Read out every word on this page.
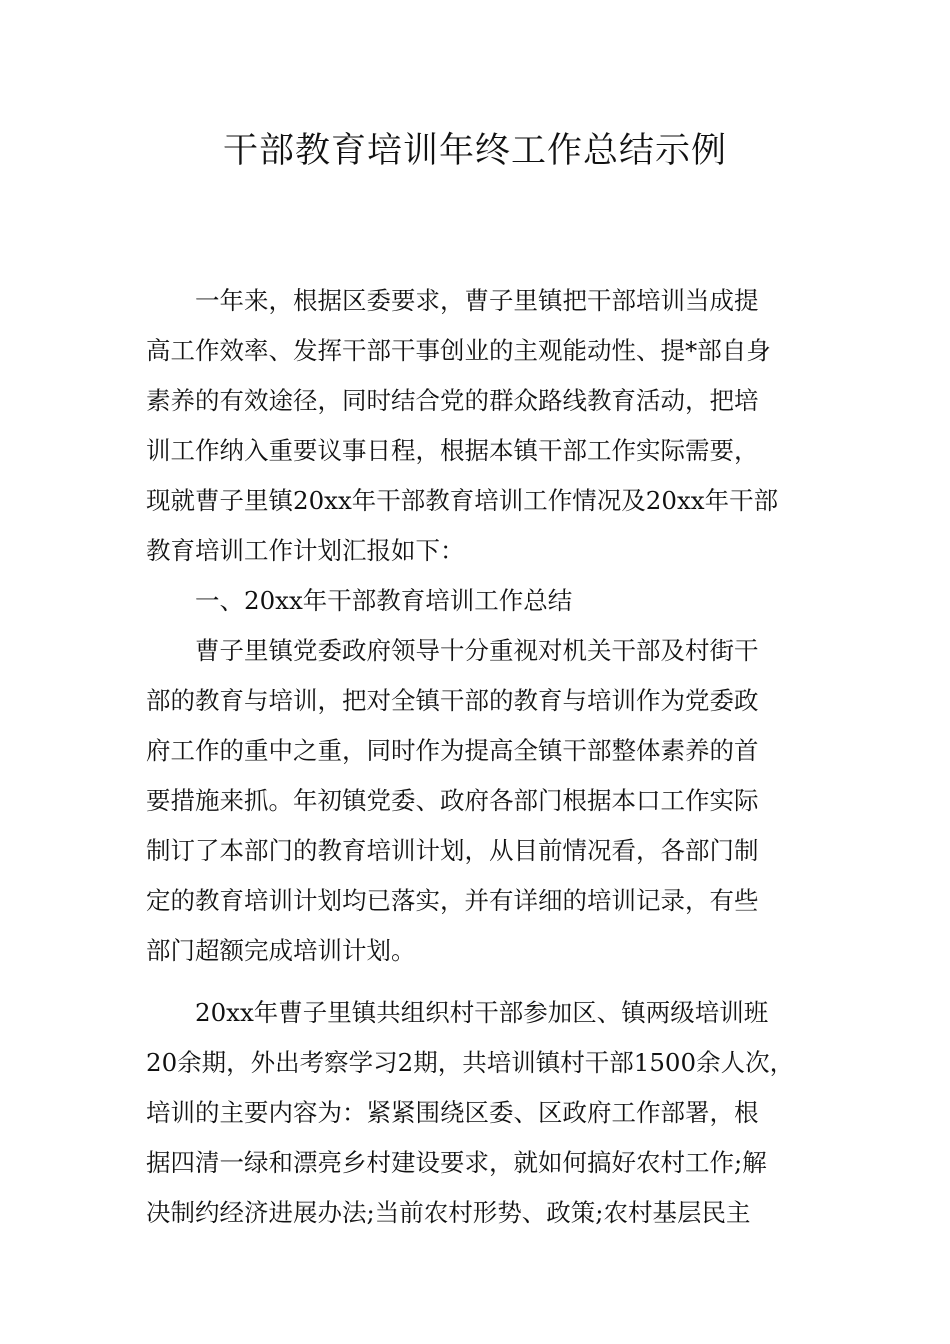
干部教育培训年终工作总结示例

一年来，根据区委要求，曹子里镇把干部培训当成提
高工作效率、发挥干部干事创业的主观能动性、提*部自身
素养的有效途径，同时结合党的群众路线教育活动，把培
训工作纳入重要议事日程，根据本镇干部工作实际需要，
现就曹子里镇20xx年干部教育培训工作情况及20xx年干部
教育培训工作计划汇报如下：

一、20xx年干部教育培训工作总结

曹子里镇党委政府领导十分重视对机关干部及村街干
部的教育与培训，把对全镇干部的教育与培训作为党委政
府工作的重中之重，同时作为提高全镇干部整体素养的首
要措施来抓。年初镇党委、政府各部门根据本口工作实际
制订了本部门的教育培训计划，从目前情况看，各部门制
定的教育培训计划均已落实，并有详细的培训记录，有些
部门超额完成培训计划。

20xx年曹子里镇共组织村干部参加区、镇两级培训班
20余期，外出考察学习2期，共培训镇村干部1500余人次，
培训的主要内容为：紧紧围绕区委、区政府工作部署，根
据四清一绿和漂亮乡村建设要求，就如何搞好农村工作;解
决制约经济进展办法;当前农村形势、政策;农村基层民主
